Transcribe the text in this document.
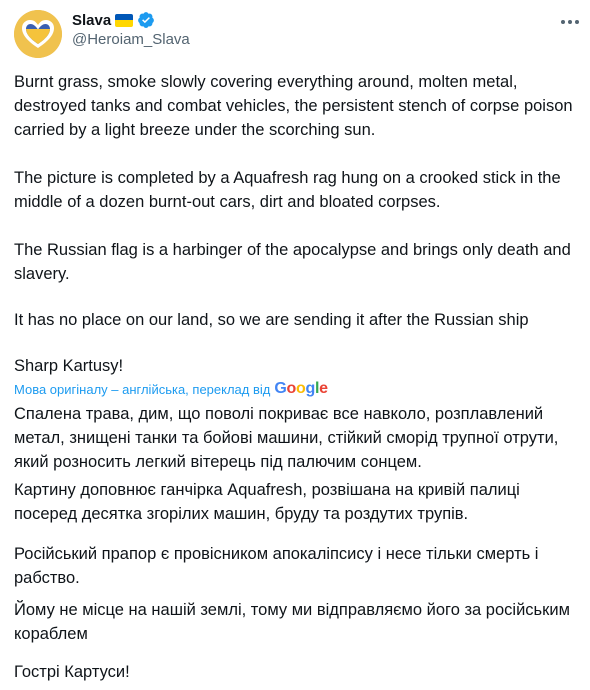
Slava
@Heroiam_Slava
Burnt grass, smoke slowly covering everything around, molten metal, destroyed tanks and combat vehicles, the persistent stench of corpse poison carried by a light breeze under the scorching sun.
The picture is completed by a Aquafresh rag hung on a crooked stick in the middle of a dozen burnt-out cars, dirt and bloated corpses.
The Russian flag is a harbinger of the apocalypse and brings only death and slavery.
It has no place on our land, so we are sending it after the Russian ship
Sharp Kartusy!
Мова оригіналу – англійська, переклад від Google
Спалена трава, дим, що поволі покриває все навколо, розплавлений метал, знищені танки та бойові машини, стійкий сморід трупної отрути, який розносить легкий вітерець під палючим сонцем.
Картину доповнює ганчірка Aquafresh, розвішана на кривій палиці посеред десятка згорілих машин, бруду та роздутих трупів.
Російський прапор є провісником апокаліпсису і несе тільки смерть і рабство.
Йому не місце на нашій землі, тому ми відправляємо його за російським кораблем
Гострі Картуси!
